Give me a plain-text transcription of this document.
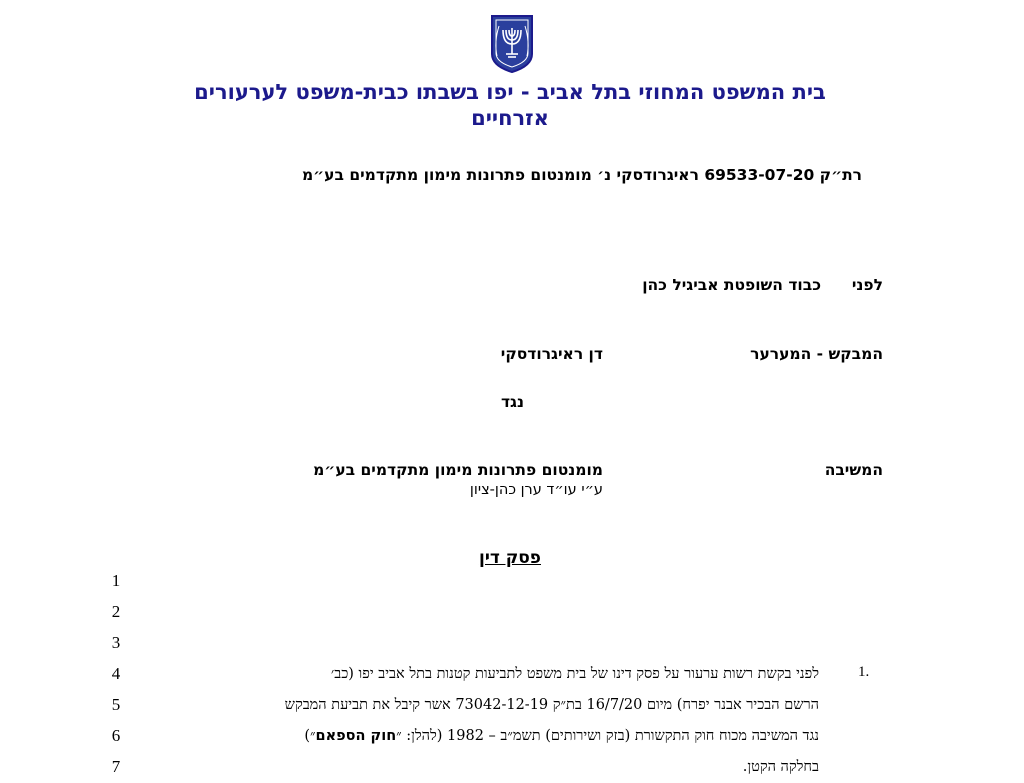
בית המשפט המחוזי בתל אביב - יפו בשבתו כבית-משפט לערעורים
אזרחיים
רת״ק 69533-07-20 ראיגרודסקי נ׳ מומנטום פתרונות מימון מתקדמים בע״מ
לפני
כבוד השופטת אביגיל כהן
המבקש - המערער
דן ראיגרודסקי
נגד
המשיבה
מומנטום פתרונות מימון מתקדמים בע״מ
ע״י עו״ד ערן כהן-ציון
פסק דין
1
2
3
4
5
6
7
1.
לפני בקשת רשות ערעור על פסק דינו של בית משפט לתביעות קטנות בתל אביב יפו (כב׳
הרשם הבכיר אבנר יפרח) מיום 16/7/20 בת״ק 73042-12-19 אשר קיבל את תביעת המבקש
נגד המשיבה מכוח חוק התקשורת (בזק ושירותים) תשמ״ב – 1982 (להלן: ״חוק הספאם״)
בחלקה הקטן.
